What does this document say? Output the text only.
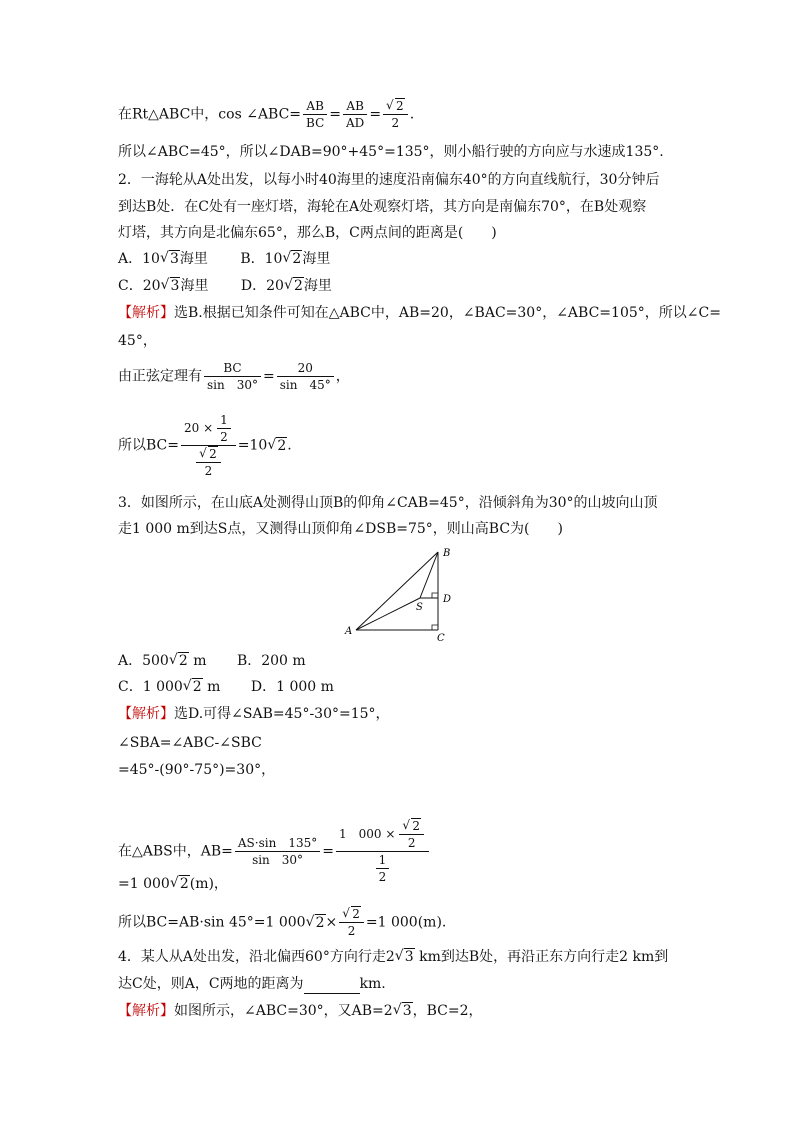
在Rt△ABC中，cos ∠ABC= $\frac{AB}{BC} = \frac{AB}{AD}$ =
√ $\frac{2}{2}$ .
所以∠ABC=45°，所以∠DAB=90°+45°=135°，则小船行驶的方向应与水速成135°.
2．一海轮从A处出发，以每小时40海里的速度沿南偏东40°的方向直线航行，30分钟后
到达B处．在C处有一座灯塔，海轮在A处观察灯塔，其方向是南偏东70°，在B处观察
灯塔，其方向是北偏东65°，那么B，C两点间的距离是(　　)
A．10√ 3海里 B．10√ 2海里
C．20√ 3海里 D．20√ 2海里
【解析】选B.根据已知条件可知在△ABC中，AB=20，∠BAC=30°，∠ABC=105°，所以∠C=
45°，
由正弦定理有 $\frac{BC}{\sin 30^\circ} = \frac{20}{\sin 45^\circ}$ ，
所以$BC= 20 \times \frac{1}{2}$
√ $\frac{2}{2} =10√$ 2.
3．如图所示，在山底A处测得山顶B的仰角∠CAB=45°，沿倾斜角为30°的山坡向山顶
走1 000 m到达S点，又测得山顶仰角∠DSB=75°，则山高BC为(　　)
B
D
S
A
C
A．500√ 2 m B．200 m
C．1 000√ 2 m D．1 000 m
【解析】选D.可得∠SAB=45°-30°=15°，
∠SBA=∠ABC-∠SBC
=45°-(90°-75°)=30°，
在△ABS中，$AB= \frac{AS\cdot\sin 135^\circ}{\sin 30^\circ} = 1$　000 ×
√ $\frac{2}{2}$
$\frac{1}{2}$
=1 000√ 2(m)，
所以BC=AB·sin 45°=1 000√ 2×
√ $\frac{2}{2} =1$ 000(m).
4．某人从A处出发，沿北偏西60°方向行走2√ 3 km到达B处，再沿正东方向行走2 km到
达C处，则A，C两地的距离为	km.
【解析】如图所示，∠ABC=30°，又AB=2√ 3，BC=2，
